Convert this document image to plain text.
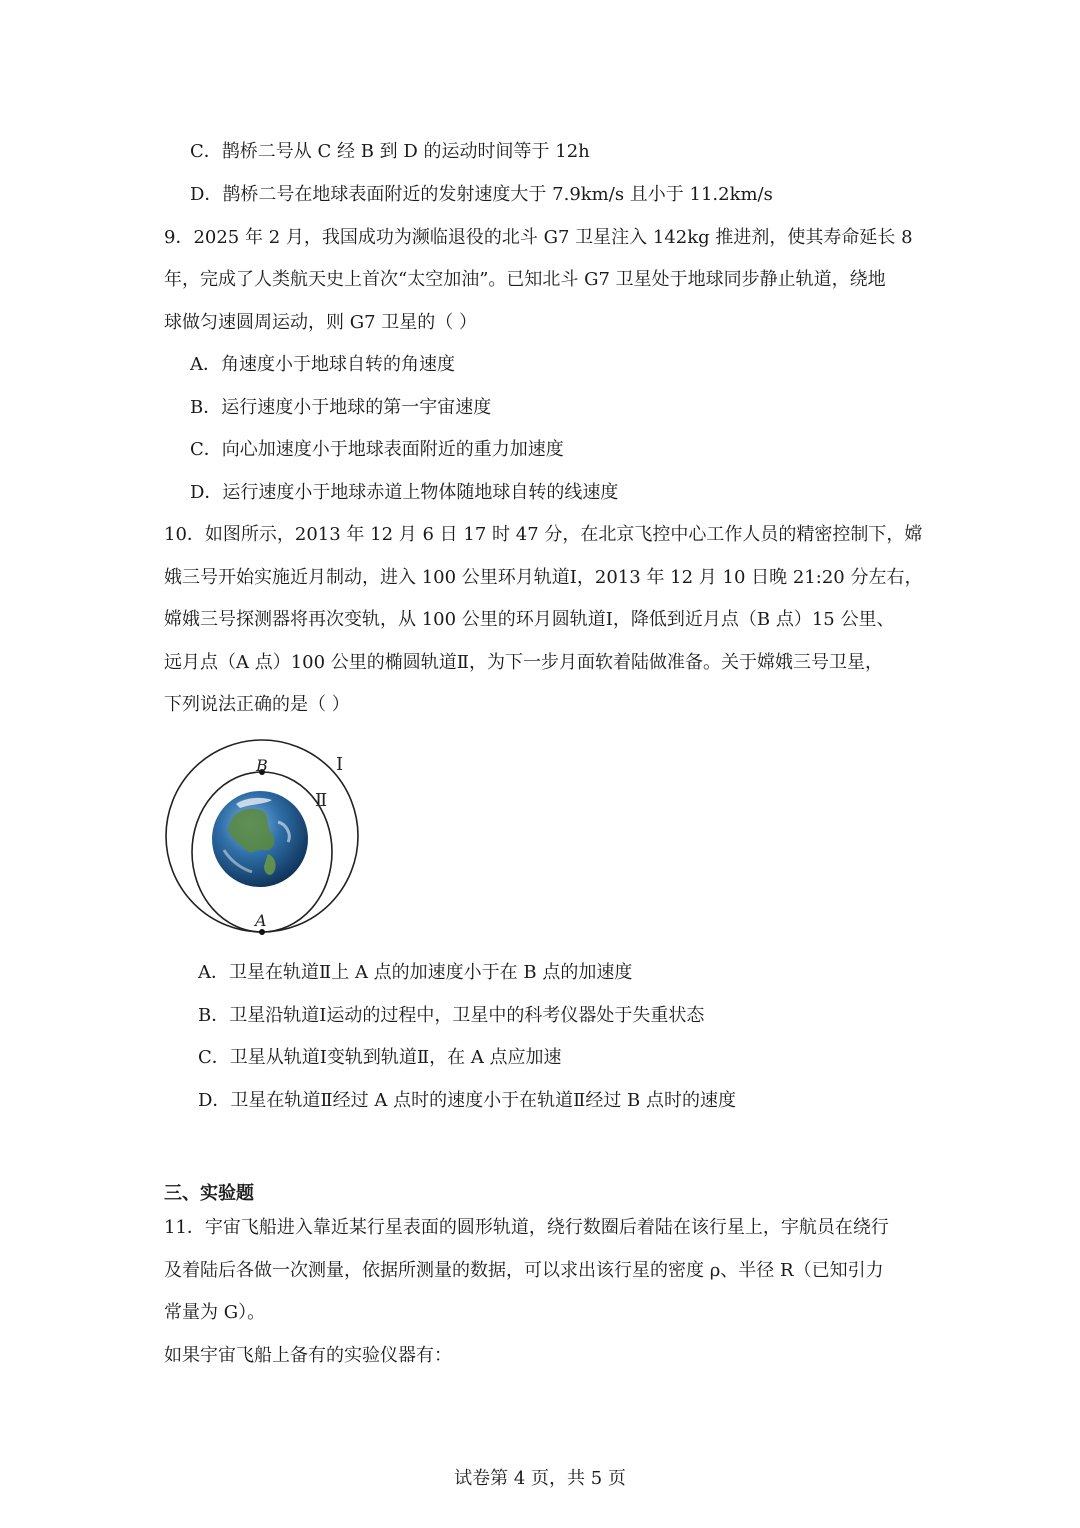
C．鹊桥二号从 C 经 B 到 D 的运动时间等于 12h
D．鹊桥二号在地球表面附近的发射速度大于 7.9km/s 且小于 11.2km/s
9．2025 年 2 月，我国成功为濒临退役的北斗 G7 卫星注入 142kg 推进剂，使其寿命延长 8
年，完成了人类航天史上首次“太空加油”。已知北斗 G7 卫星处于地球同步静止轨道，绕地
球做匀速圆周运动，则 G7 卫星的（ ）
A．角速度小于地球自转的角速度
B．运行速度小于地球的第一宇宙速度
C．向心加速度小于地球表面附近的重力加速度
D．运行速度小于地球赤道上物体随地球自转的线速度
10．如图所示，2013 年 12 月 6 日 17 时 47 分，在北京飞控中心工作人员的精密控制下，嫦
娥三号开始实施近月制动，进入 100 公里环月轨道Ⅰ，2013 年 12 月 10 日晚 21:20 分左右，
嫦娥三号探测器将再次变轨，从 100 公里的环月圆轨道Ⅰ，降低到近月点（B 点）15 公里、
远月点（A 点）100 公里的椭圆轨道Ⅱ，为下一步月面软着陆做准备。关于嫦娥三号卫星，
下列说法正确的是（ ）
B
A
Ⅰ
Ⅱ
A．卫星在轨道Ⅱ上 A 点的加速度小于在 B 点的加速度
B．卫星沿轨道Ⅰ运动的过程中，卫星中的科考仪器处于失重状态
C．卫星从轨道Ⅰ变轨到轨道Ⅱ，在 A 点应加速
D．卫星在轨道Ⅱ经过 A 点时的速度小于在轨道Ⅱ经过 B 点时的速度
三、实验题
11．宇宙飞船进入靠近某行星表面的圆形轨道，绕行数圈后着陆在该行星上，宇航员在绕行
及着陆后各做一次测量，依据所测量的数据，可以求出该行星的密度 ρ、半径 R（已知引力
常量为 G）。
如果宇宙飞船上备有的实验仪器有：
试卷第 4 页，共 5 页
